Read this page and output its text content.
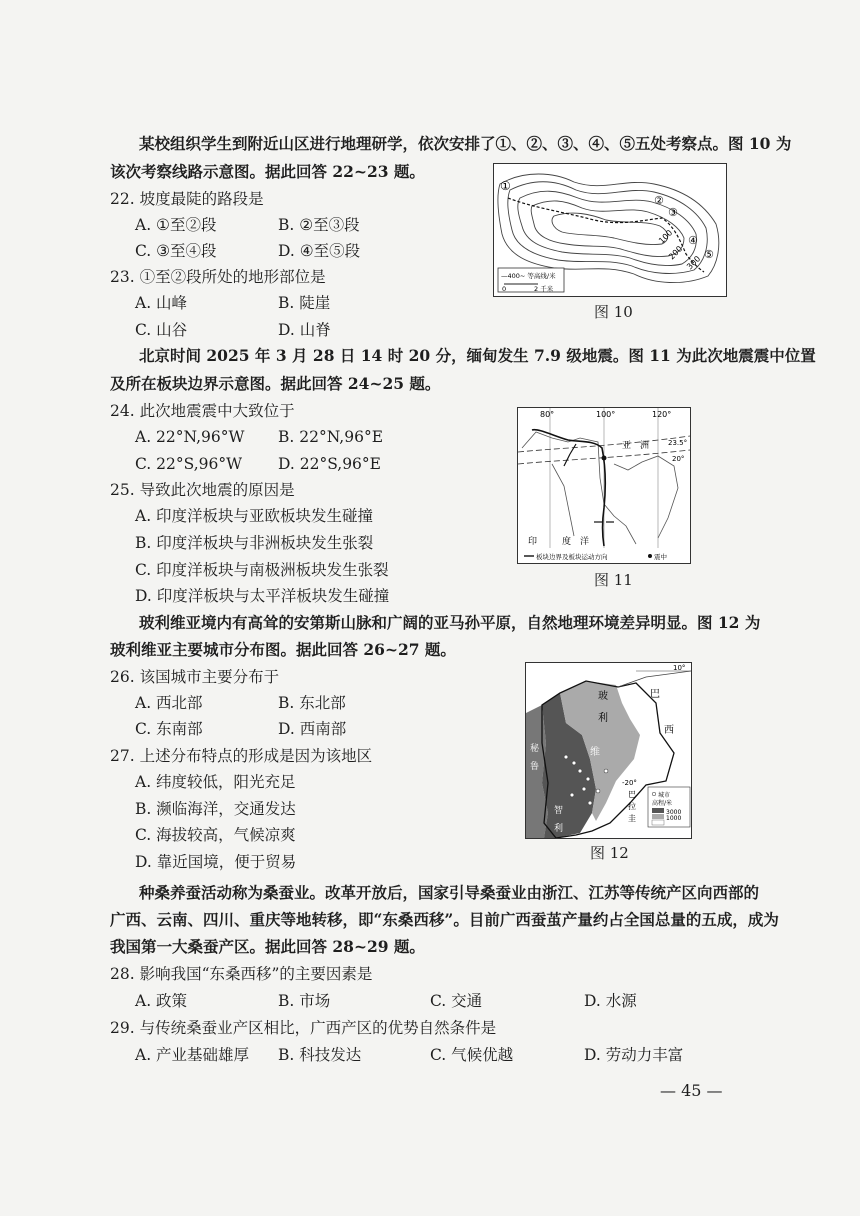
某校组织学生到附近山区进行地理研学，依次安排了①、②、③、④、⑤五处考察点。图 10 为
该次考察线路示意图。据此回答 22~23 题。
22. 坡度最陡的路段是
A. ①至②段	B. ②至③段
C. ③至④段	D. ④至⑤段
23. ①至②段所处的地形部位是
A. 山峰	B. 陡崖
C. 山谷	D. 山脊
①
②
③
④
⑤
100
200
300
—400~ 等高线/米
0	2 千米
图 10
北京时间 2025 年 3 月 28 日 14 时 20 分，缅甸发生 7.9 级地震。图 11 为此次地震震中位置
及所在板块边界示意图。据此回答 24~25 题。
24. 此次地震震中大致位于
A. 22°N,96°W B. 22°N,96°E
C. 22°S,96°W D. 22°S,96°E
25. 导致此次地震的原因是
A. 印度洋板块与亚欧板块发生碰撞
B. 印度洋板块与非洲板块发生张裂
C. 印度洋板块与南极洲板块发生张裂
D. 印度洋板块与太平洋板块发生碰撞
80°	100°	120°
23.5°
20°
亚　洲
印	度　洋
板块边界及板块运动方向	震中
图 11
玻利维亚境内有高耸的安第斯山脉和广阔的亚马孙平原，自然地理环境差异明显。图 12 为
玻利维亚主要城市分布图。据此回答 26~27 题。
26. 该国城市主要分布于
A. 西北部	B. 东北部
C. 东南部	D. 西南部
27. 上述分布特点的形成是因为该地区
A. 纬度较低，阳光充足
B. 濒临海洋，交通发达
C. 海拔较高，气候凉爽
D. 靠近国境，便于贸易
10°
-20°
玻
利
维
巴
西
巴
拉
圭
秘
鲁
智
利
城市
高程/米
3000
1000
图 12
种桑养蚕活动称为桑蚕业。改革开放后，国家引导桑蚕业由浙江、江苏等传统产区向西部的
广西、云南、四川、重庆等地转移，即“东桑西移”。目前广西蚕茧产量约占全国总量的五成，成为
我国第一大桑蚕产区。据此回答 28~29 题。
28. 影响我国“东桑西移”的主要因素是
A. 政策	B. 市场	C. 交通	D. 水源
29. 与传统桑蚕业产区相比，广西产区的优势自然条件是
A. 产业基础雄厚 B. 科技发达	C. 气候优越	D. 劳动力丰富
— 45 —
